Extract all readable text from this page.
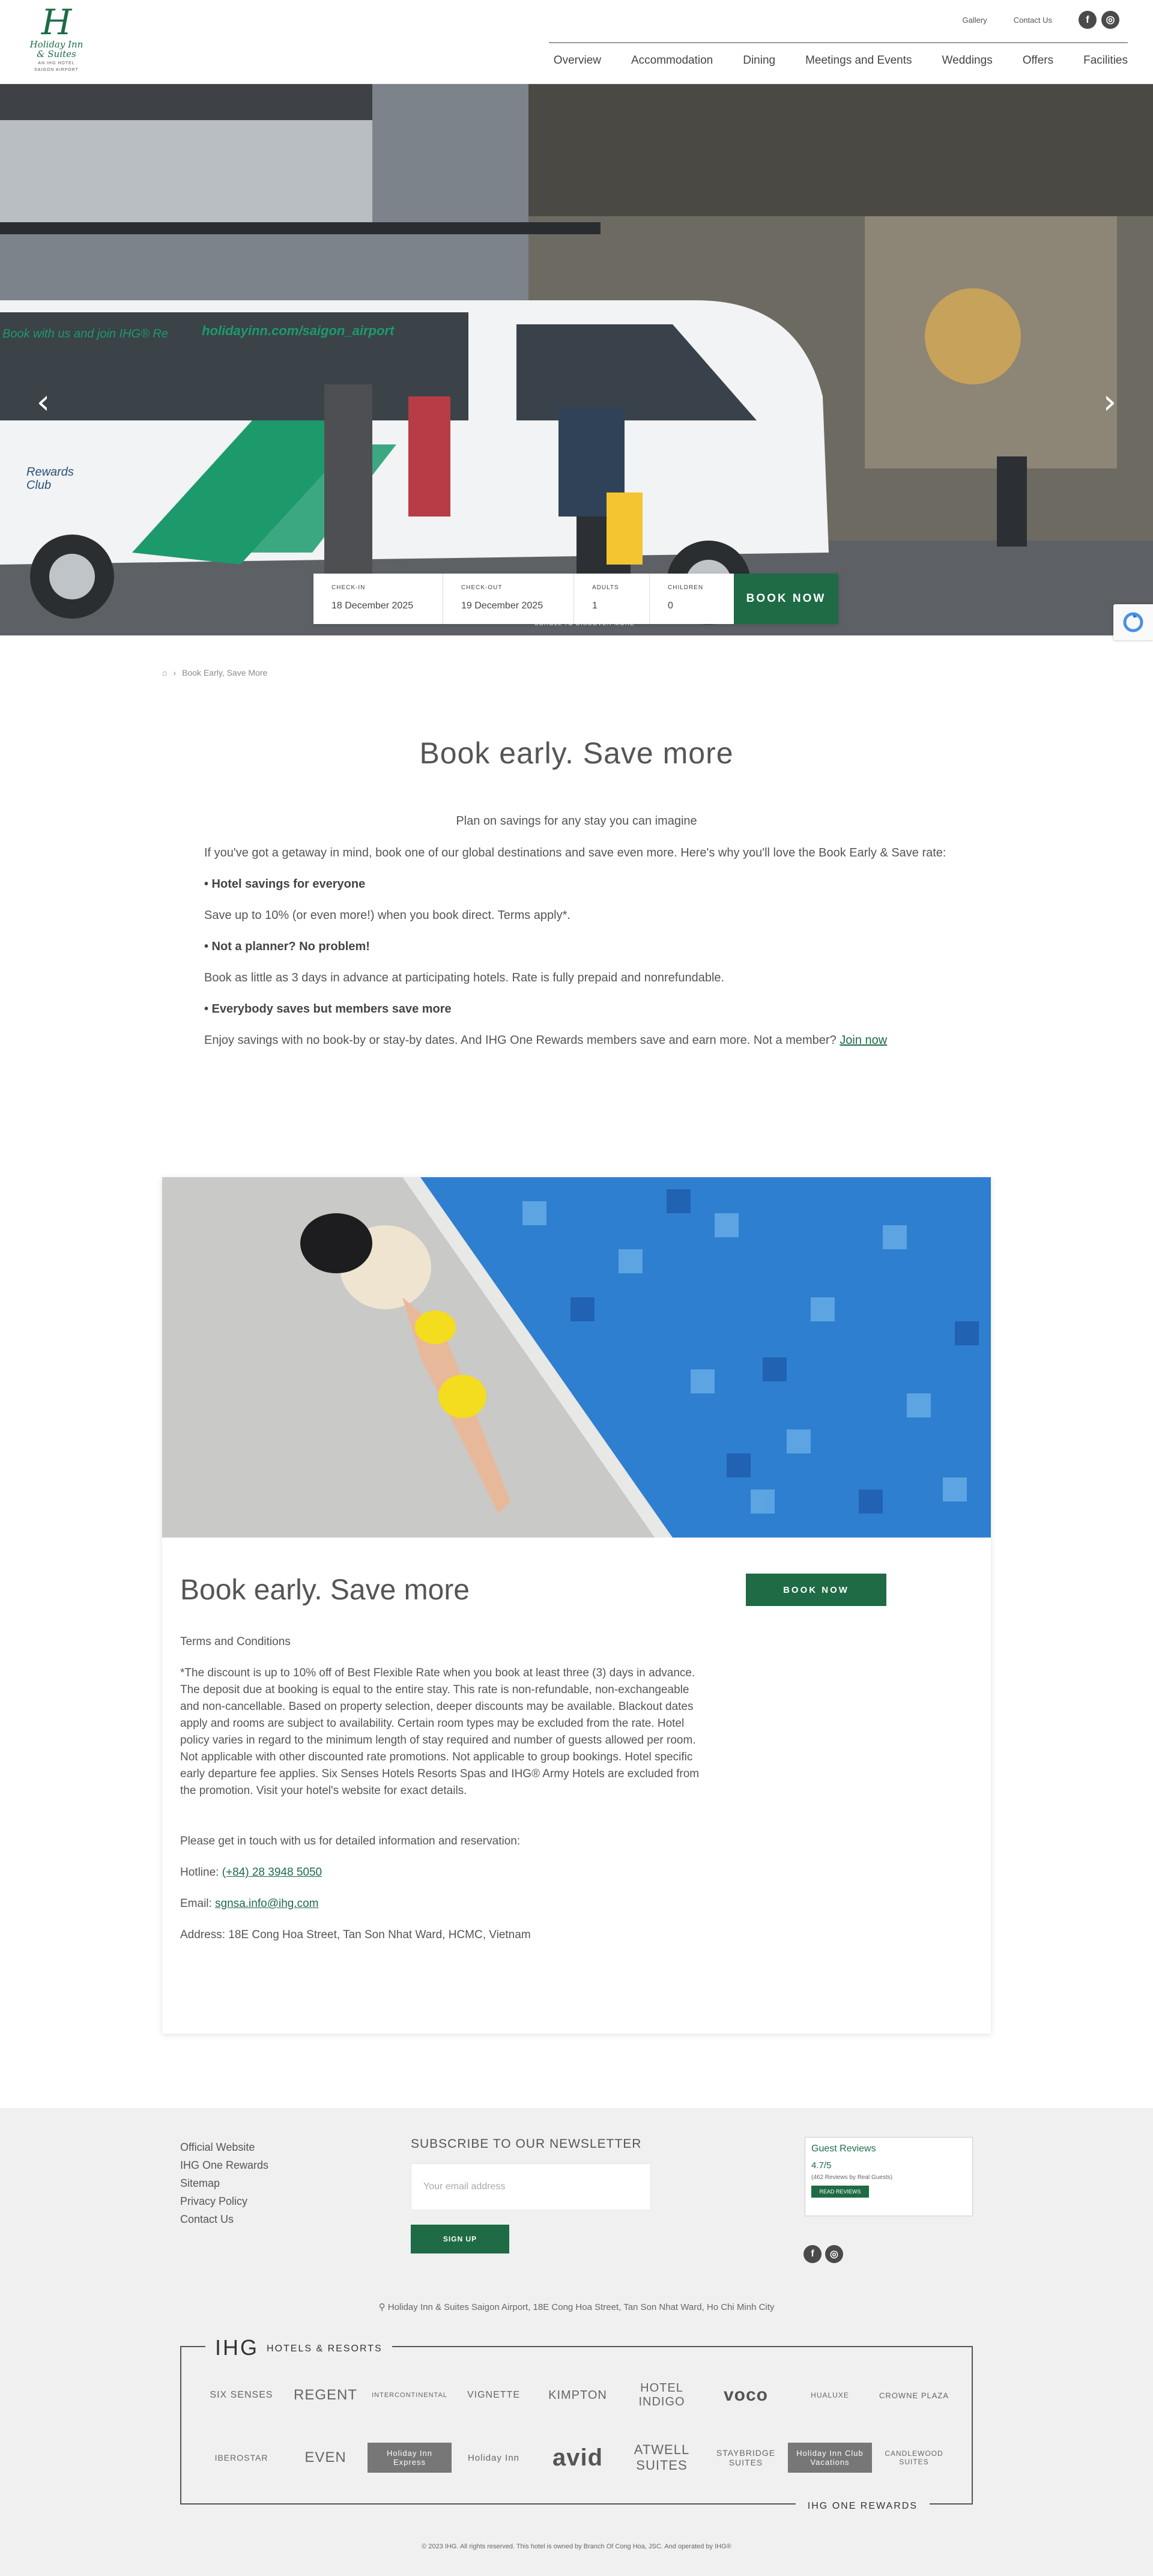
H
Holiday Inn
& Suites
AN IHG HOTEL
SAIGON AIRPORT
Gallery	Contact Us	f	◎
Overview	Accommodation	Dining	Meetings and Events	Weddings	Offers	Facilities
Book with us and join IHG® Re	holidayinn.com/saigon_airport
Rewards
Club
‹	›
CHECK-IN
18 December 2025
CHECK-OUT
19 December 2025
ADULTS
1
CHILDREN
0
BOOK NOW
⌂ › Book Early, Save More
Book early. Save more
Plan on savings for any stay you can imagine

If you've got a getaway in mind, book one of our global destinations and save even more. Here's why you'll love the Book Early & Save rate:

• Hotel savings for everyone

Save up to 10% (or even more!) when you book direct. Terms apply*.

• Not a planner? No problem!

Book as little as 3 days in advance at participating hotels. Rate is fully prepaid and nonrefundable.

• Everybody saves but members save more

Enjoy savings with no book-by or stay-by dates. And IHG One Rewards members save and earn more. Not a member? Join now

Book early. Save more	BOOK NOW

Terms and Conditions

*The discount is up to 10% off of Best Flexible Rate when you book at least three (3) days in advance. The deposit due at booking is equal to the entire stay. This rate is non-refundable, non-exchangeable and non-cancellable. Based on property selection, deeper discounts may be available. Blackout dates apply and rooms are subject to availability. Certain room types may be excluded from the rate. Hotel policy varies in regard to the minimum length of stay required and number of guests allowed per room. Not applicable with other discounted rate promotions. Not applicable to group bookings. Hotel specific early departure fee applies. Six Senses Hotels Resorts Spas and IHG® Army Hotels are excluded from the promotion. Visit your hotel's website for exact details.

Please get in touch with us for detailed information and reservation:

Hotline: (+84) 28 3948 5050

Email: sgnsa.info@ihg.com

Address: 18E Cong Hoa Street, Tan Son Nhat Ward, HCMC, Vietnam

Official Website
IHG One Rewards
Sitemap
Privacy Policy
Contact Us
SUBSCRIBE TO OUR NEWSLETTER
Your email address
SIGN UP
Guest Reviews
4.7/5
(462 Reviews by Real Guests)
READ REVIEWS
f	◎
⚲ Holiday Inn & Suites Saigon Airport, 18E Cong Hoa Street, Tan Son Nhat Ward, Ho Chi Minh City
IHG HOTELS & RESORTS
SIX SENSES	REGENT	INTERCONTINENTAL	VIGNETTE	KIMPTON
HOTEL INDIGO	voco	HUALUXE	CROWNE PLAZA
IBEROSTAR	EVEN	Holiday Inn Express	Holiday Inn	avid	ATWELL SUITES
STAYBRIDGE SUITES
Holiday Inn Club Vacations
CANDLEWOOD SUITES
IHG ONE REWARDS
© 2023 IHG. All rights reserved. This hotel is owned by Branch Of Cong Hoa, JSC. And operated by IHG®
